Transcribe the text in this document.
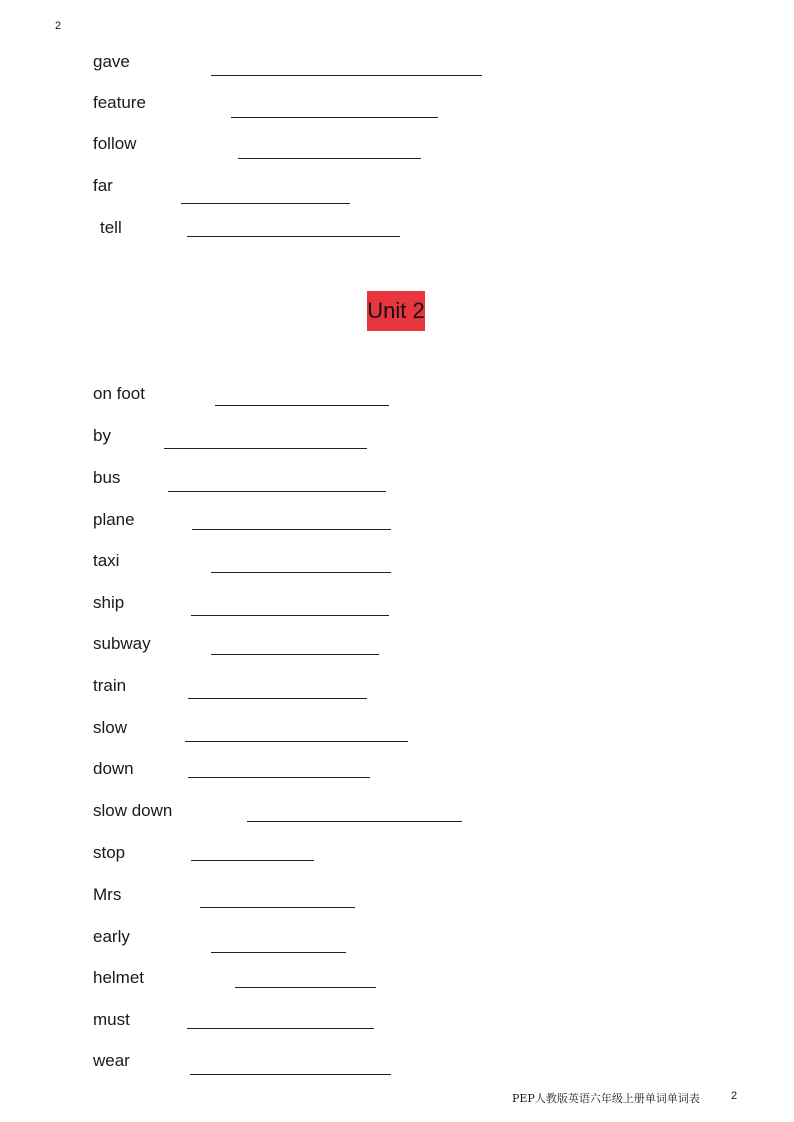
2
gave
feature
follow
far
tell
Unit 2
on foot
by
bus
plane
taxi
ship
subway
train
slow
down
slow down
stop
Mrs
early
helmet
must
wear
PEP人教版英语六年级上册单词单词表	2
